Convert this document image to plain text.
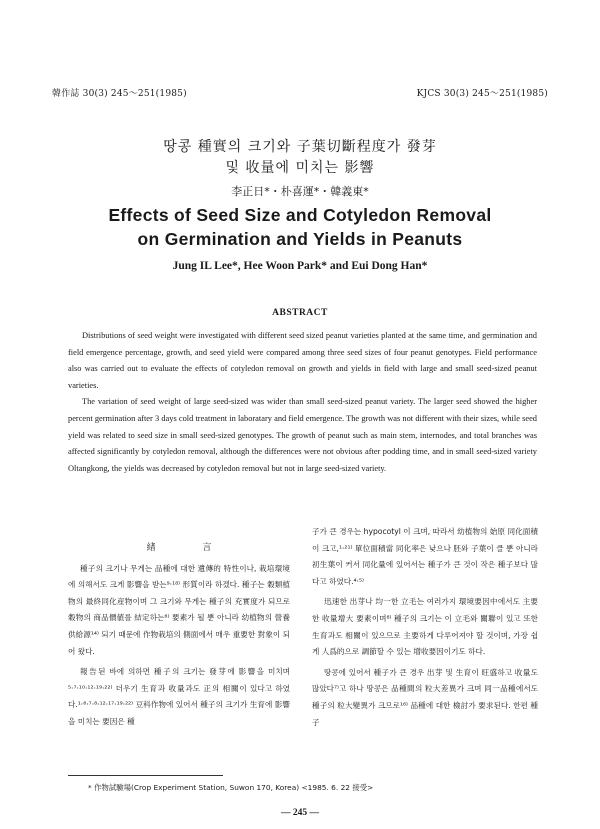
韓作誌 30(3) 245～251(1985)	KJCS 30(3) 245～251(1985)
땅콩 種實의 크기와 子葉切斷程度가 發芽
및 收量에 미치는 影響
李正日*・朴喜運*・韓義東*
Effects of Seed Size and Cotyledon Removal
on Germination and Yields in Peanuts
Jung IL Lee*, Hee Woon Park* and Eui Dong Han*
ABSTRACT

Distributions of seed weight were investigated with different seed sized peanut varieties planted at the same time, and germination and field emergence percentage, growth, and seed yield were compared among three seed sizes of four peanut genotypes. Field performance also was carried out to evaluate the effects of cotyledon removal on growth and yields in field with large and small seed-sized peanut varieties.

The variation of seed weight of large seed-sized was wider than small seed-sized peanut variety. The larger seed showed the higher percent germination after 3 days cold treatment in laboratary and field emergence. The growth was not different with their sizes, while seed yield was related to seed size in small seed-sized genotypes. The growth of peanut such as main stem, internodes, and total branches was affected significantly by cotyledon removal, although the differences were not obvious after podding time, and in small seed-sized variety Oltangkong, the yields was decreased by cotyledon removal but not in large seed-sized variety.

緖 言

種子의 크기나 무게는 品種에 대한 遺傳的 特性이나, 栽培環境에 의해서도 크게 影響을 받는⁹·¹⁸⁾ 形質이라 하겠다. 種子는 穀類植物의 最終同化産物이며 그 크기와 무게는 種子의 充實度가 되므로 穀物의 商品價値를 結定하는⁶⁾ 要素가 될 뿐 아니라 幼植物의 營養供給源¹⁴⁾ 되기 때문에 作物栽培의 側面에서 매우 重要한 對象이 되어 왔다.

報告된 바에 의하면 種子의 크기는 發芽에 影響을 미치며⁵·⁷·¹⁰·¹²·¹⁹·²²⁾ 더우기 生育과 收量과도 正의 相關이 있다고 하였다.¹·⁶·⁷·⁸·¹²·¹⁷·¹⁹·²²⁾ 豆科作物에 있어서 種子의 크기가 生育에 影響을 미치는 要因은 種

子가 큰 경우는 hypocotyl 이 크며, 따라서 幼植物의 始原 同化面積이 크고,¹·²¹⁾ 單位面積當 同化率은 낮으나 胚와 子葉이 클 뿐 아니라 初生葉이 커서 同化量에 있어서는 種子가 큰 것이 작은 種子보다 많다고 하였다.⁴·⁵⁾

迅速한 出芽나 均一한 立毛는 여러가지 環境要因中에서도 主要한 收量增大 要素이며⁸⁾ 種子의 크기는 이 立毛와 關聯이 있고 또한 生育과도 相關이 있으므로 主要하게 다루어져야 할 것이며, 가장 쉽게 人爲的으로 調節할 수 있는 增收要因이기도 하다.

땅콩에 있어서 種子가 큰 경우 出芽 및 生育이 旺盛하고 收量도 많았다⁷⁾고 하나 땅콩은 品種間의 粒大差異가 크며 同一品種에서도 種子의 粒大變異가 크므로¹⁶⁾ 品種에 대한 檢討가 要求된다. 한편 種子

* 作物試驗場(Crop Experiment Station, Suwon 170, Korea) <1985. 6. 22 接受>
— 245 —
